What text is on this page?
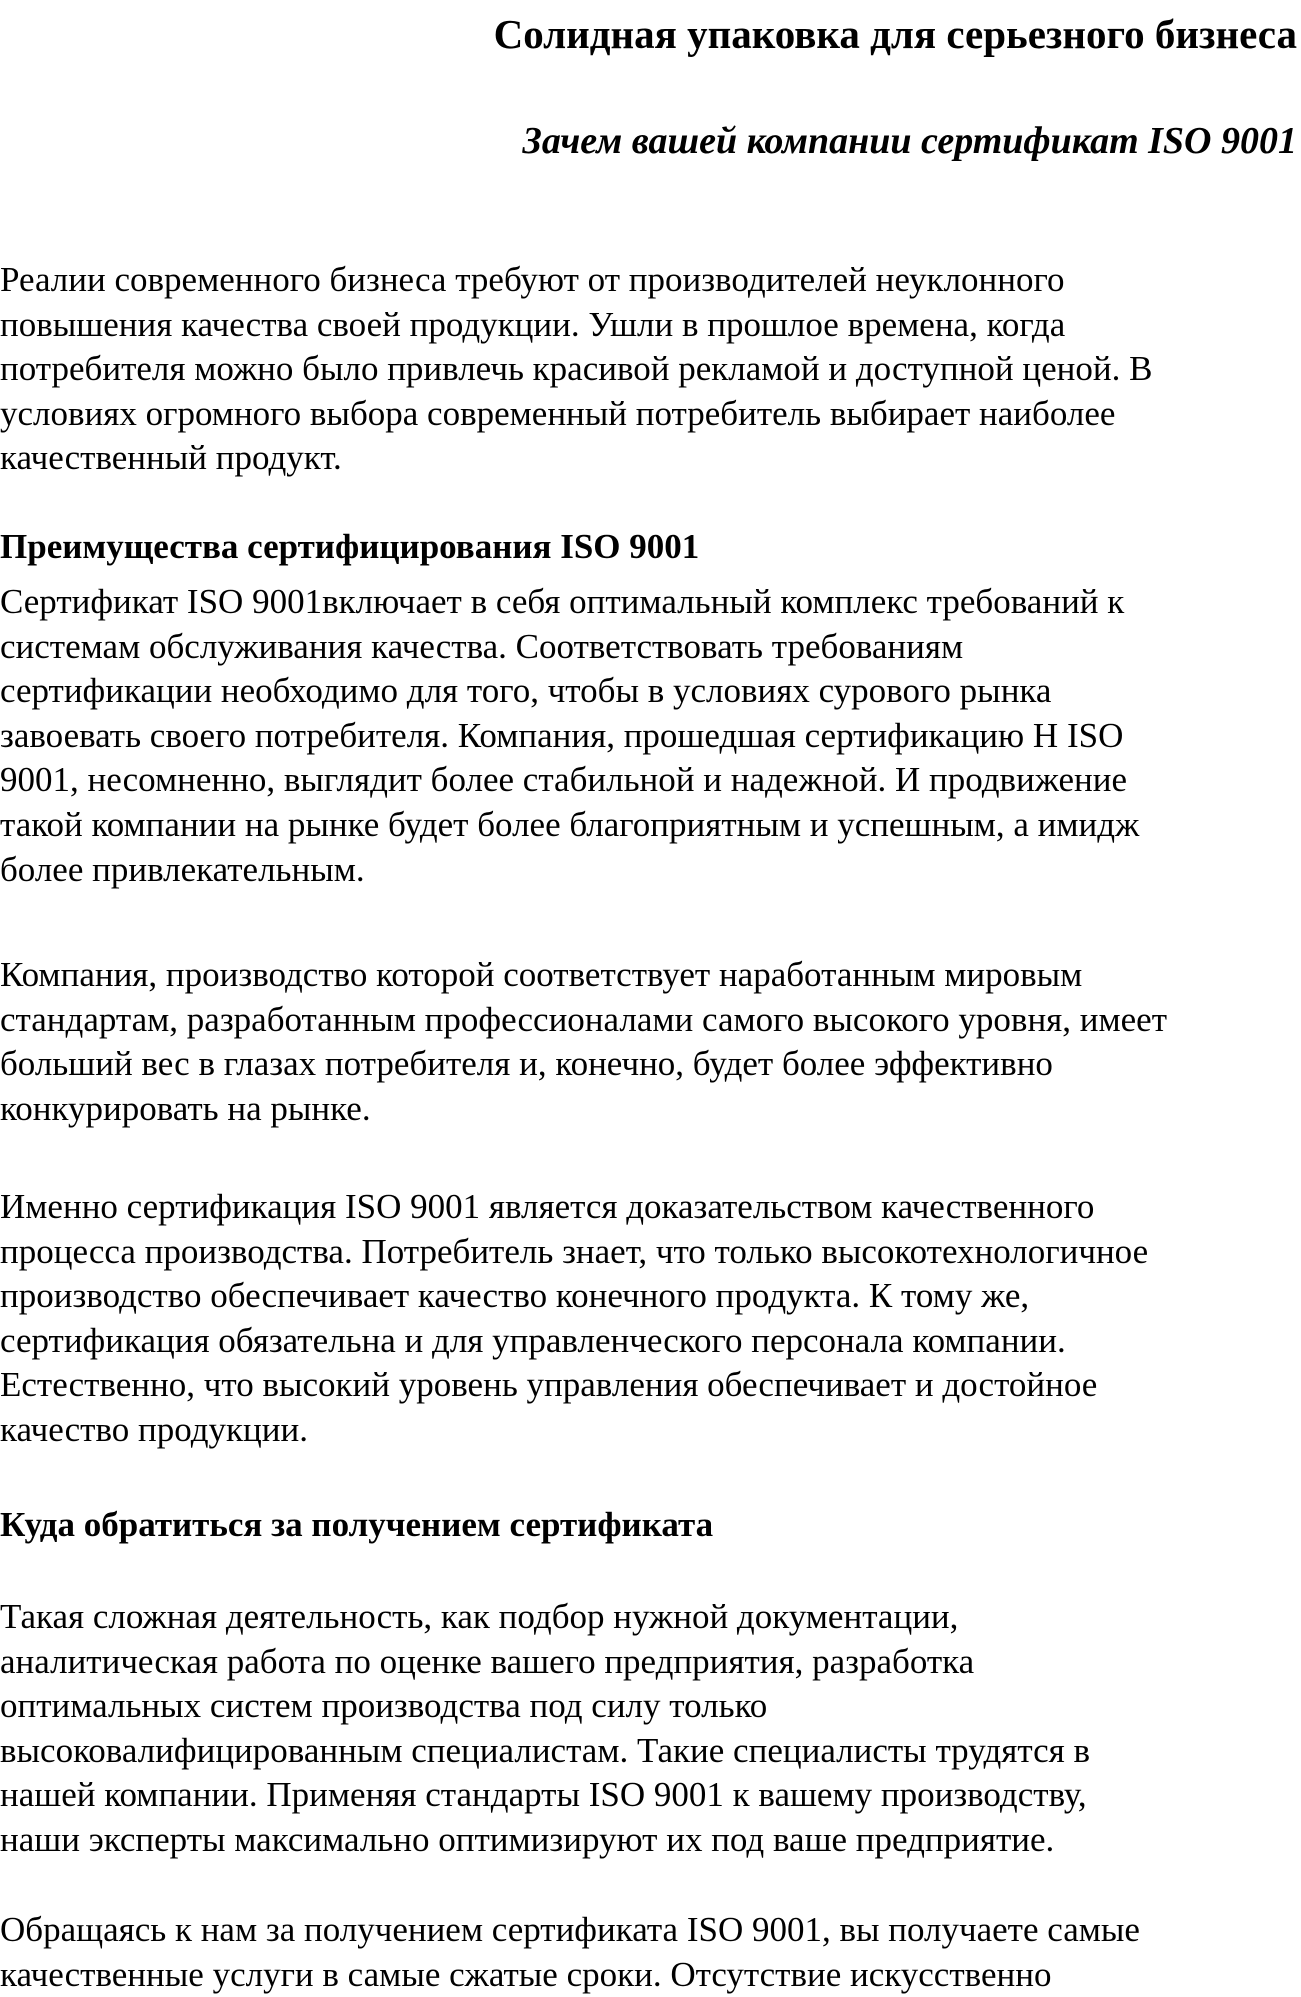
Солидная упаковка для серьезного бизнеса
Зачем вашей компании сертификат ISO 9001
Реалии современного бизнеса требуют от производителей неуклонного
повышения качества своей продукции. Ушли в прошлое времена, когда
потребителя можно было привлечь красивой рекламой и доступной ценой. В
условиях огромного выбора современный потребитель выбирает наиболее
качественный продукт.
Преимущества сертифицирования ISO 9001
Сертификат ISO 9001включает в себя оптимальный комплекс требований к
системам обслуживания качества. Соответствовать требованиям
сертификации необходимо для того, чтобы в условиях сурового рынка
завоевать своего потребителя. Компания, прошедшая сертификацию Н ISO
9001, несомненно, выглядит более стабильной и надежной. И продвижение
такой компании на рынке будет более благоприятным и успешным, а имидж
более привлекательным.
Компания, производство которой соответствует наработанным мировым
стандартам, разработанным профессионалами самого высокого уровня, имеет
больший вес в глазах потребителя и, конечно, будет более эффективно
конкурировать на рынке.
Именно сертификация ISO 9001 является доказательством качественного
процесса производства. Потребитель знает, что только высокотехнологичное
производство обеспечивает качество конечного продукта. К тому же,
сертификация обязательна и для управленческого персонала компании.
Естественно, что высокий уровень управления обеспечивает и достойное
качество продукции.
Куда обратиться за получением сертификата
Такая сложная деятельность, как подбор нужной документации,
аналитическая работа по оценке вашего предприятия, разработка
оптимальных систем производства под силу только
высоковалифицированным специалистам. Такие специалисты трудятся в
нашей компании. Применяя стандарты ISO 9001 к вашему производству,
наши эксперты максимально оптимизируют их под ваше предприятие.
Обращаясь к нам за получением сертификата ISO 9001, вы получаете самые
качественные услуги в самые сжатые сроки. Отсутствие искусственно
